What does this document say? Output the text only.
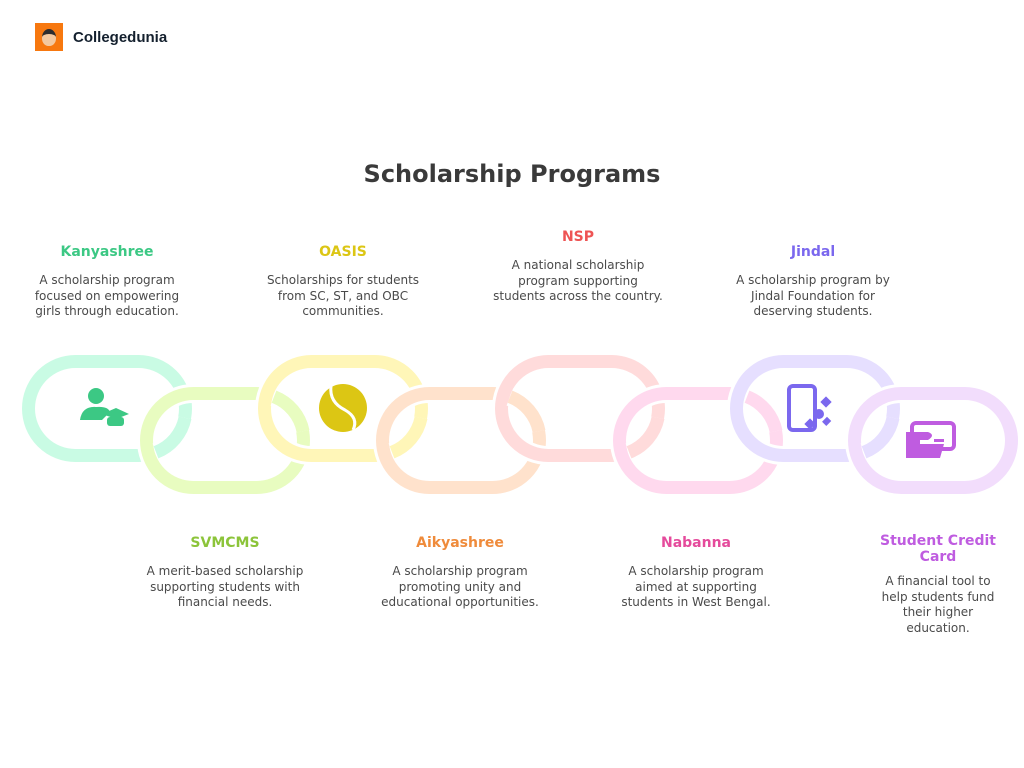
Collegedunia
Scholarship Programs
Kanyashree

A scholarship program focused on empowering girls through education.

SVMCMS

A merit-based scholarship supporting students with financial needs.

OASIS

Scholarships for students from SC, ST, and OBC communities.

Aikyashree

A scholarship program promoting unity and educational opportunities.

NSP

A national scholarship program supporting students across the country.

Nabanna

A scholarship program aimed at supporting students in West Bengal.

Jindal

A scholarship program by Jindal Foundation for deserving students.

Student Credit Card

A financial tool to help students fund their higher education.
